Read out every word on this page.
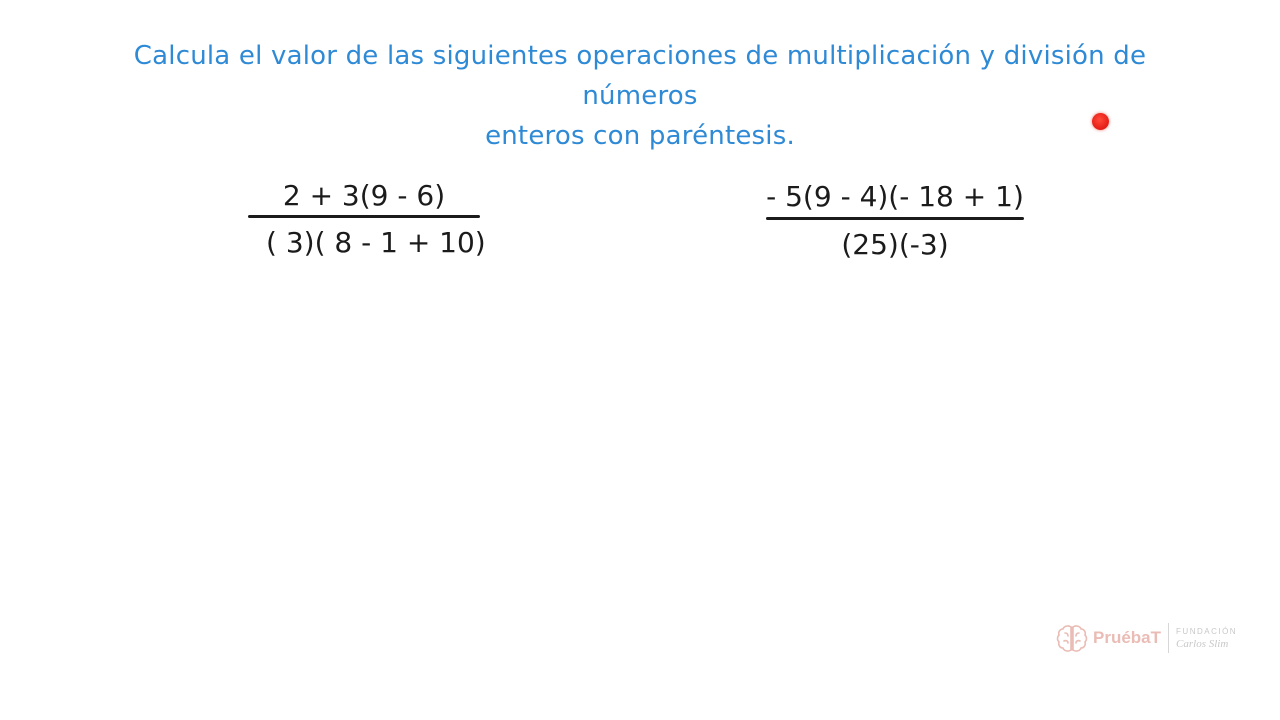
Calcula el valor de las siguientes operaciones de multiplicación y división de números
enteros con paréntesis.
2 + 3(9 - 6)
( 3)( 8 - 1 + 10)
- 5(9 - 4)(- 18 + 1)
(25)(-3)
PruébaT FUNDACIÓN
Carlos Slim
